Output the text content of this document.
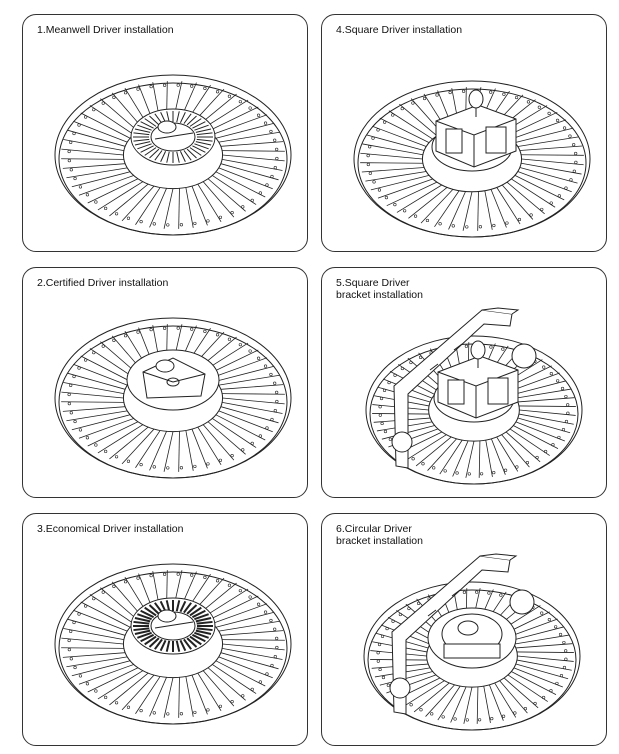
1.Meanwell Driver installation	4.Square Driver installation
2.Certified Driver installation	5.Square Driver
bracket installation
3.Economical Driver installation	6.Circular Driver
bracket installation
